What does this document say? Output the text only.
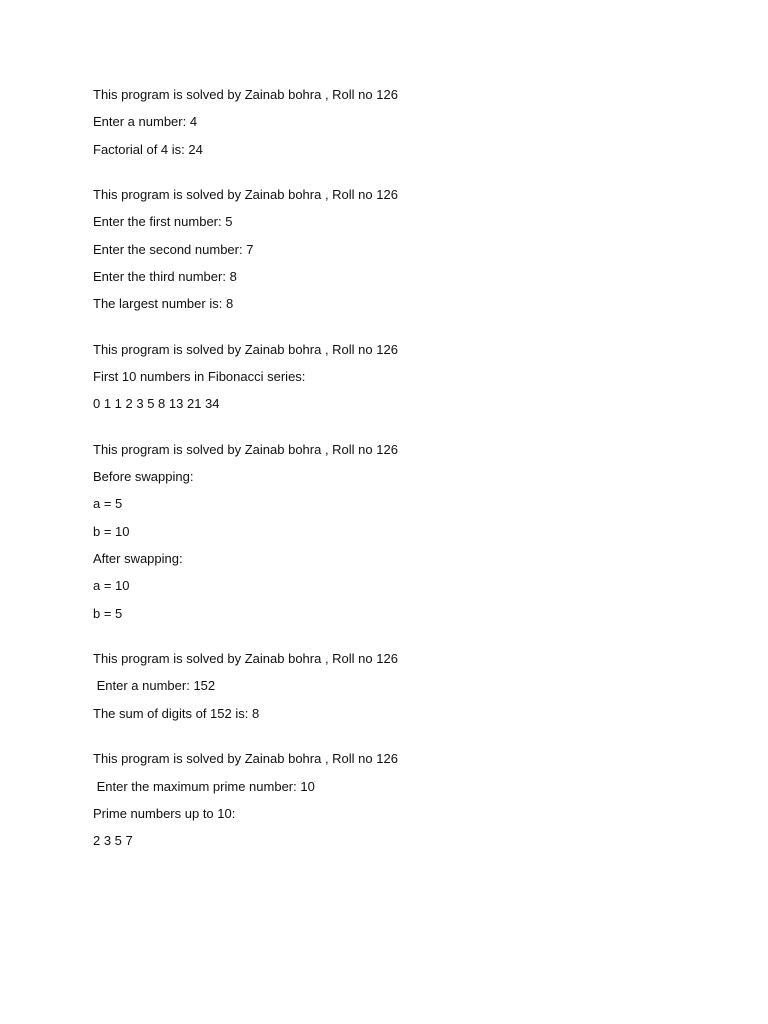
This program is solved by Zainab bohra , Roll no 126
Enter a number: 4
Factorial of 4 is: 24
This program is solved by Zainab bohra , Roll no 126
Enter the first number: 5
Enter the second number: 7
Enter the third number: 8
The largest number is: 8
This program is solved by Zainab bohra , Roll no 126
First 10 numbers in Fibonacci series:
0 1 1 2 3 5 8 13 21 34
This program is solved by Zainab bohra , Roll no 126
Before swapping:
a = 5
b = 10
After swapping:
a = 10
b = 5
This program is solved by Zainab bohra , Roll no 126
Enter a number: 152
The sum of digits of 152 is: 8
This program is solved by Zainab bohra , Roll no 126
Enter the maximum prime number: 10
Prime numbers up to 10:
2 3 5 7
